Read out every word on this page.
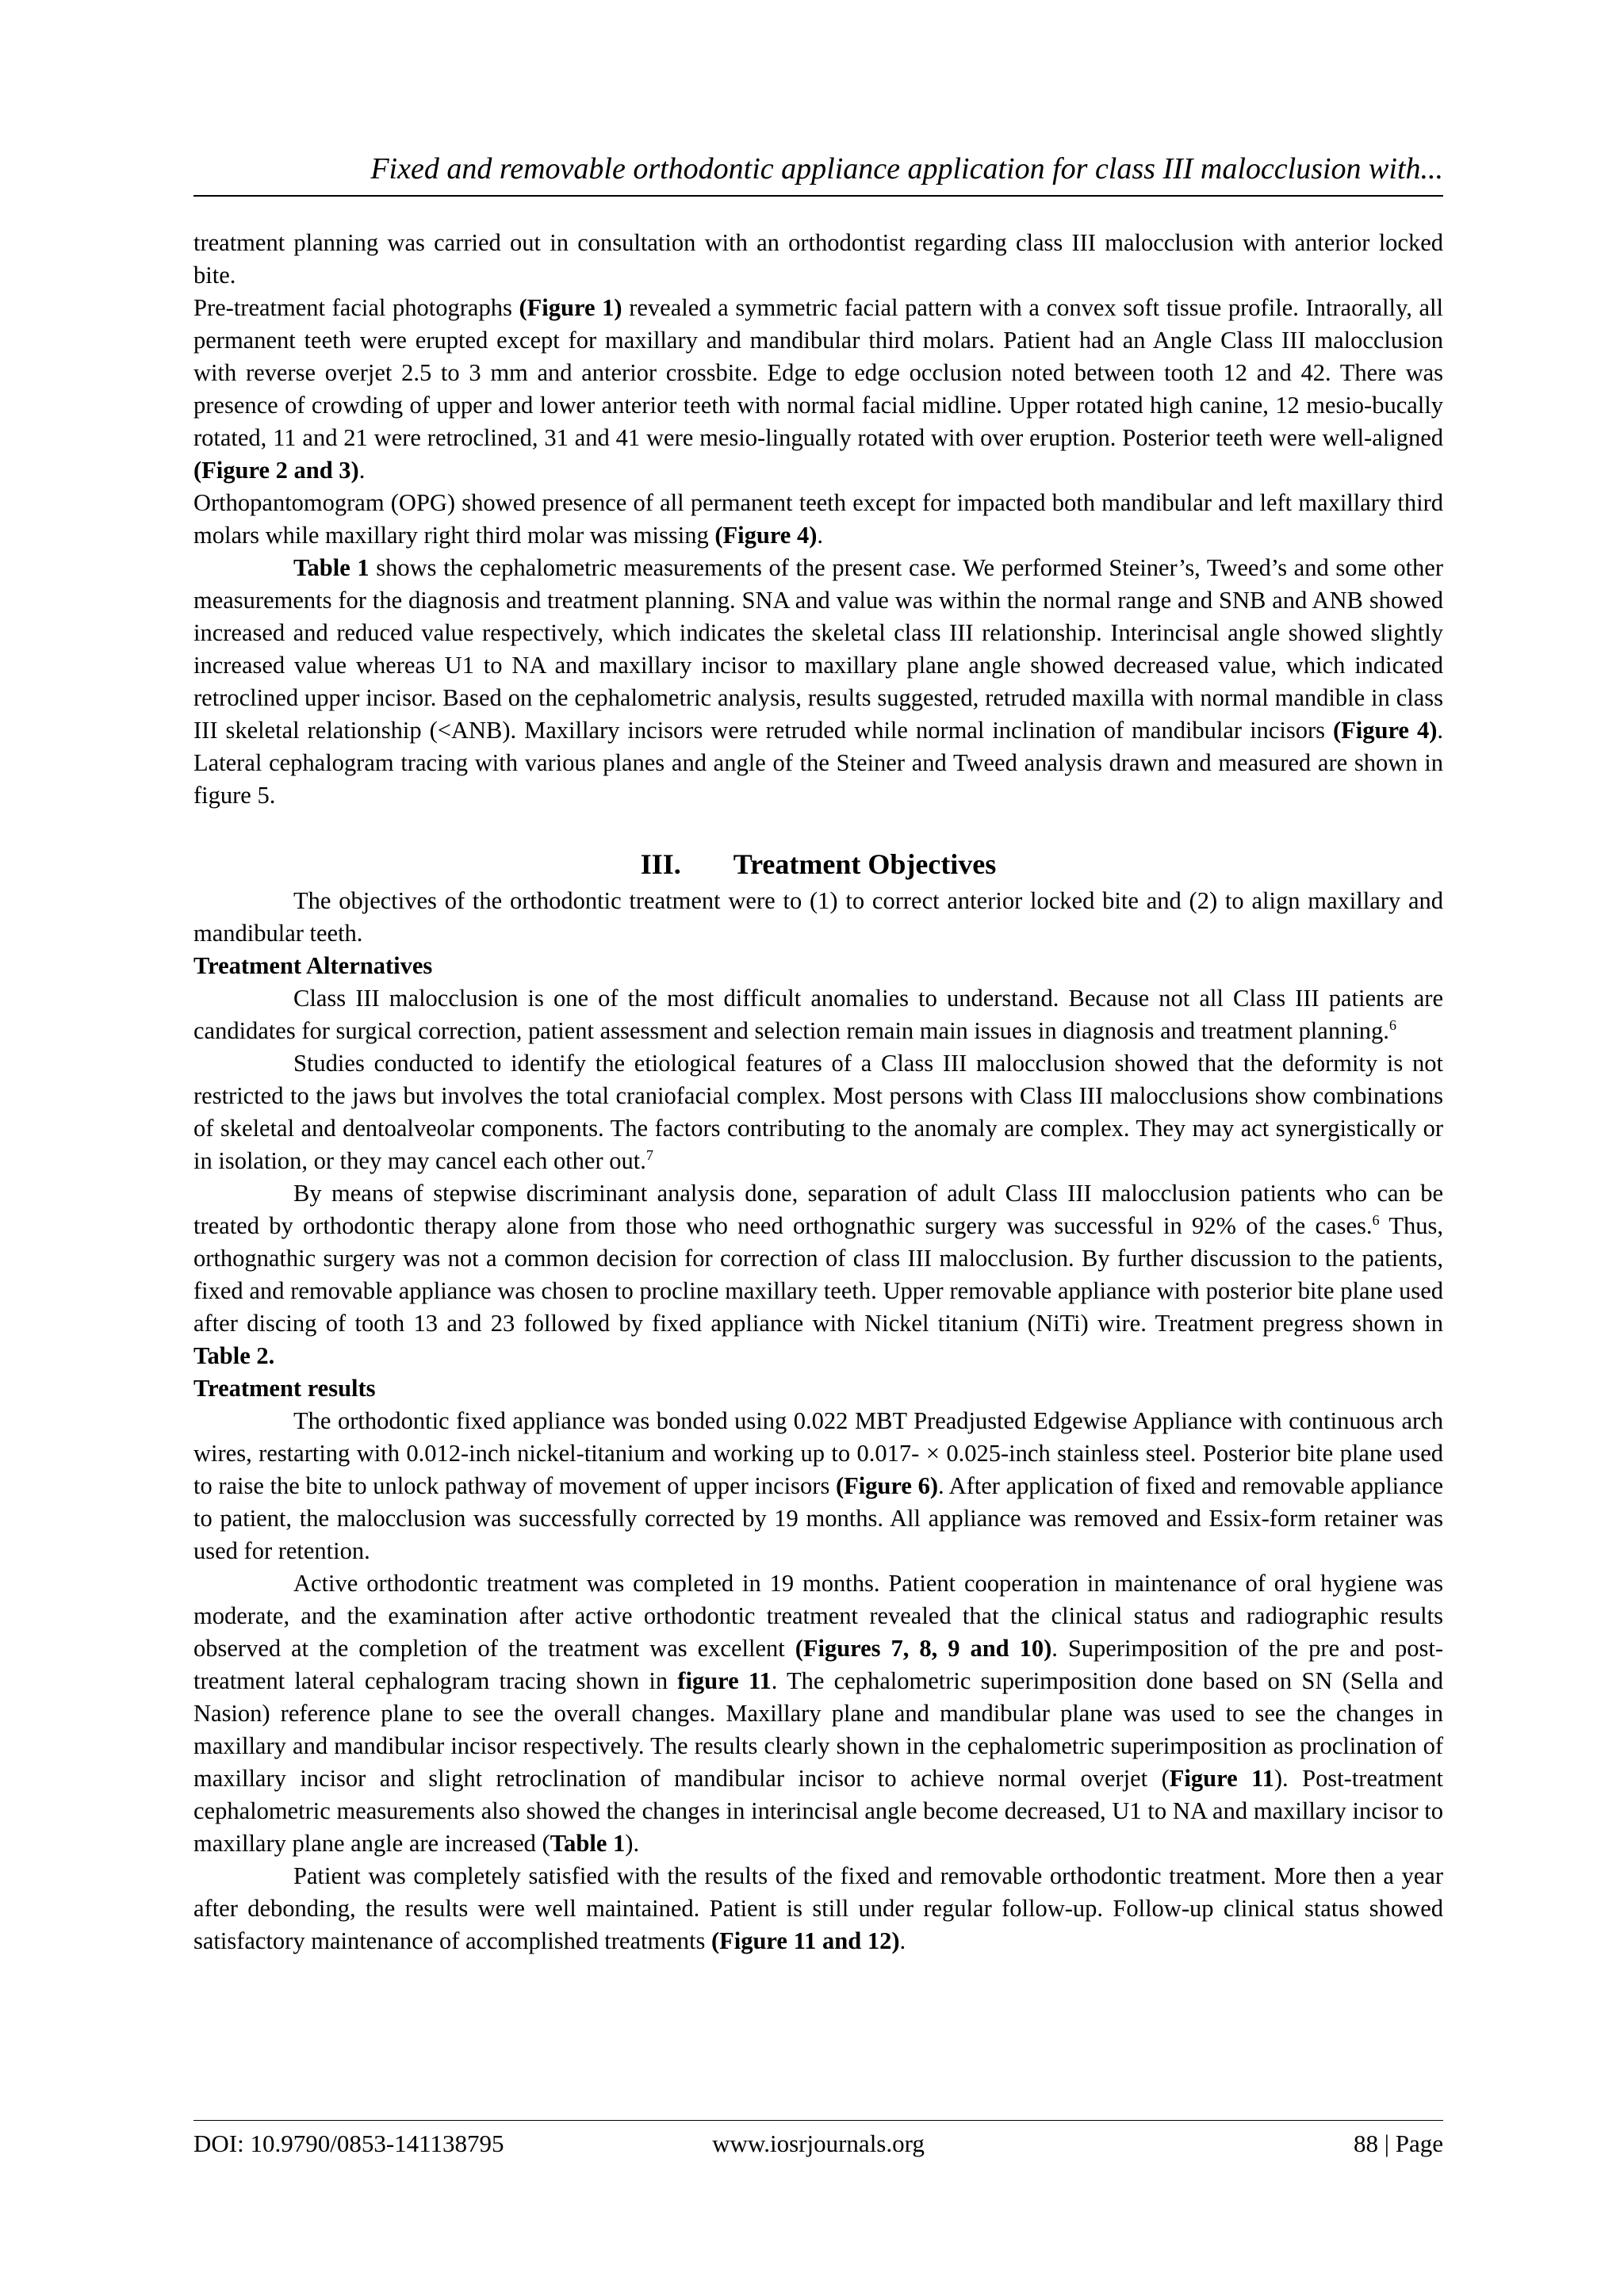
Fixed and removable orthodontic appliance application for class III malocclusion with...

treatment planning was carried out in consultation with an orthodontist regarding class III malocclusion with anterior locked bite.

Pre-treatment facial photographs (Figure 1) revealed a symmetric facial pattern with a convex soft tissue profile. Intraorally, all permanent teeth were erupted except for maxillary and mandibular third molars. Patient had an Angle Class III malocclusion with reverse overjet 2.5 to 3 mm and anterior crossbite. Edge to edge occlusion noted between tooth 12 and 42. There was presence of crowding of upper and lower anterior teeth with normal facial midline. Upper rotated high canine, 12 mesio-bucally rotated, 11 and 21 were retroclined, 31 and 41 were mesio-lingually rotated with over eruption. Posterior teeth were well-aligned (Figure 2 and 3).

Orthopantomogram (OPG) showed presence of all permanent teeth except for impacted both mandibular and left maxillary third molars while maxillary right third molar was missing (Figure 4).

Table 1 shows the cephalometric measurements of the present case. We performed Steiner’s, Tweed’s and some other measurements for the diagnosis and treatment planning. SNA and value was within the normal range and SNB and ANB showed increased and reduced value respectively, which indicates the skeletal class III relationship. Interincisal angle showed slightly increased value whereas U1 to NA and maxillary incisor to maxillary plane angle showed decreased value, which indicated retroclined upper incisor. Based on the cephalometric analysis, results suggested, retruded maxilla with normal mandible in class III skeletal relationship (<ANB). Maxillary incisors were retruded while normal inclination of mandibular incisors (Figure 4). Lateral cephalogram tracing with various planes and angle of the Steiner and Tweed analysis drawn and measured are shown in figure 5.

III. Treatment Objectives

The objectives of the orthodontic treatment were to (1) to correct anterior locked bite and (2) to align maxillary and mandibular teeth.

Treatment Alternatives

Class III malocclusion is one of the most difficult anomalies to understand. Because not all Class III patients are candidates for surgical correction, patient assessment and selection remain main issues in diagnosis and treatment planning.$^6$

Studies conducted to identify the etiological features of a Class III malocclusion showed that the deformity is not restricted to the jaws but involves the total craniofacial complex. Most persons with Class III malocclusions show combinations of skeletal and dentoalveolar components. The factors contributing to the anomaly are complex. They may act synergistically or in isolation, or they may cancel each other out.$^7$

By means of stepwise discriminant analysis done, separation of adult Class III malocclusion patients who can be treated by orthodontic therapy alone from those who need orthognathic surgery was successful in 92% of the cases.$^6$ Thus, orthognathic surgery was not a common decision for correction of class III malocclusion. By further discussion to the patients, fixed and removable appliance was chosen to procline maxillary teeth. Upper removable appliance with posterior bite plane used after discing of tooth 13 and 23 followed by fixed appliance with Nickel titanium (NiTi) wire. Treatment pregress shown in Table 2.

Treatment results

The orthodontic fixed appliance was bonded using 0.022 MBT Preadjusted Edgewise Appliance with continuous arch wires, restarting with 0.012-inch nickel-titanium and working up to 0.017- × 0.025-inch stainless steel. Posterior bite plane used to raise the bite to unlock pathway of movement of upper incisors (Figure 6). After application of fixed and removable appliance to patient, the malocclusion was successfully corrected by 19 months. All appliance was removed and Essix-form retainer was used for retention.

Active orthodontic treatment was completed in 19 months. Patient cooperation in maintenance of oral hygiene was moderate, and the examination after active orthodontic treatment revealed that the clinical status and radiographic results observed at the completion of the treatment was excellent (Figures 7, 8, 9 and 10). Superimposition of the pre and post-treatment lateral cephalogram tracing shown in figure 11. The cephalometric superimposition done based on SN (Sella and Nasion) reference plane to see the overall changes. Maxillary plane and mandibular plane was used to see the changes in maxillary and mandibular incisor respectively. The results clearly shown in the cephalometric superimposition as proclination of maxillary incisor and slight retroclination of mandibular incisor to achieve normal overjet (Figure 11). Post-treatment cephalometric measurements also showed the changes in interincisal angle become decreased, U1 to NA and maxillary incisor to maxillary plane angle are increased (Table 1).

Patient was completely satisfied with the results of the fixed and removable orthodontic treatment. More then a year after debonding, the results were well maintained. Patient is still under regular follow-up. Follow-up clinical status showed satisfactory maintenance of accomplished treatments (Figure 11 and 12).

DOI: 10.9790/0853-141138795	www.iosrjournals.org	88 | Page
